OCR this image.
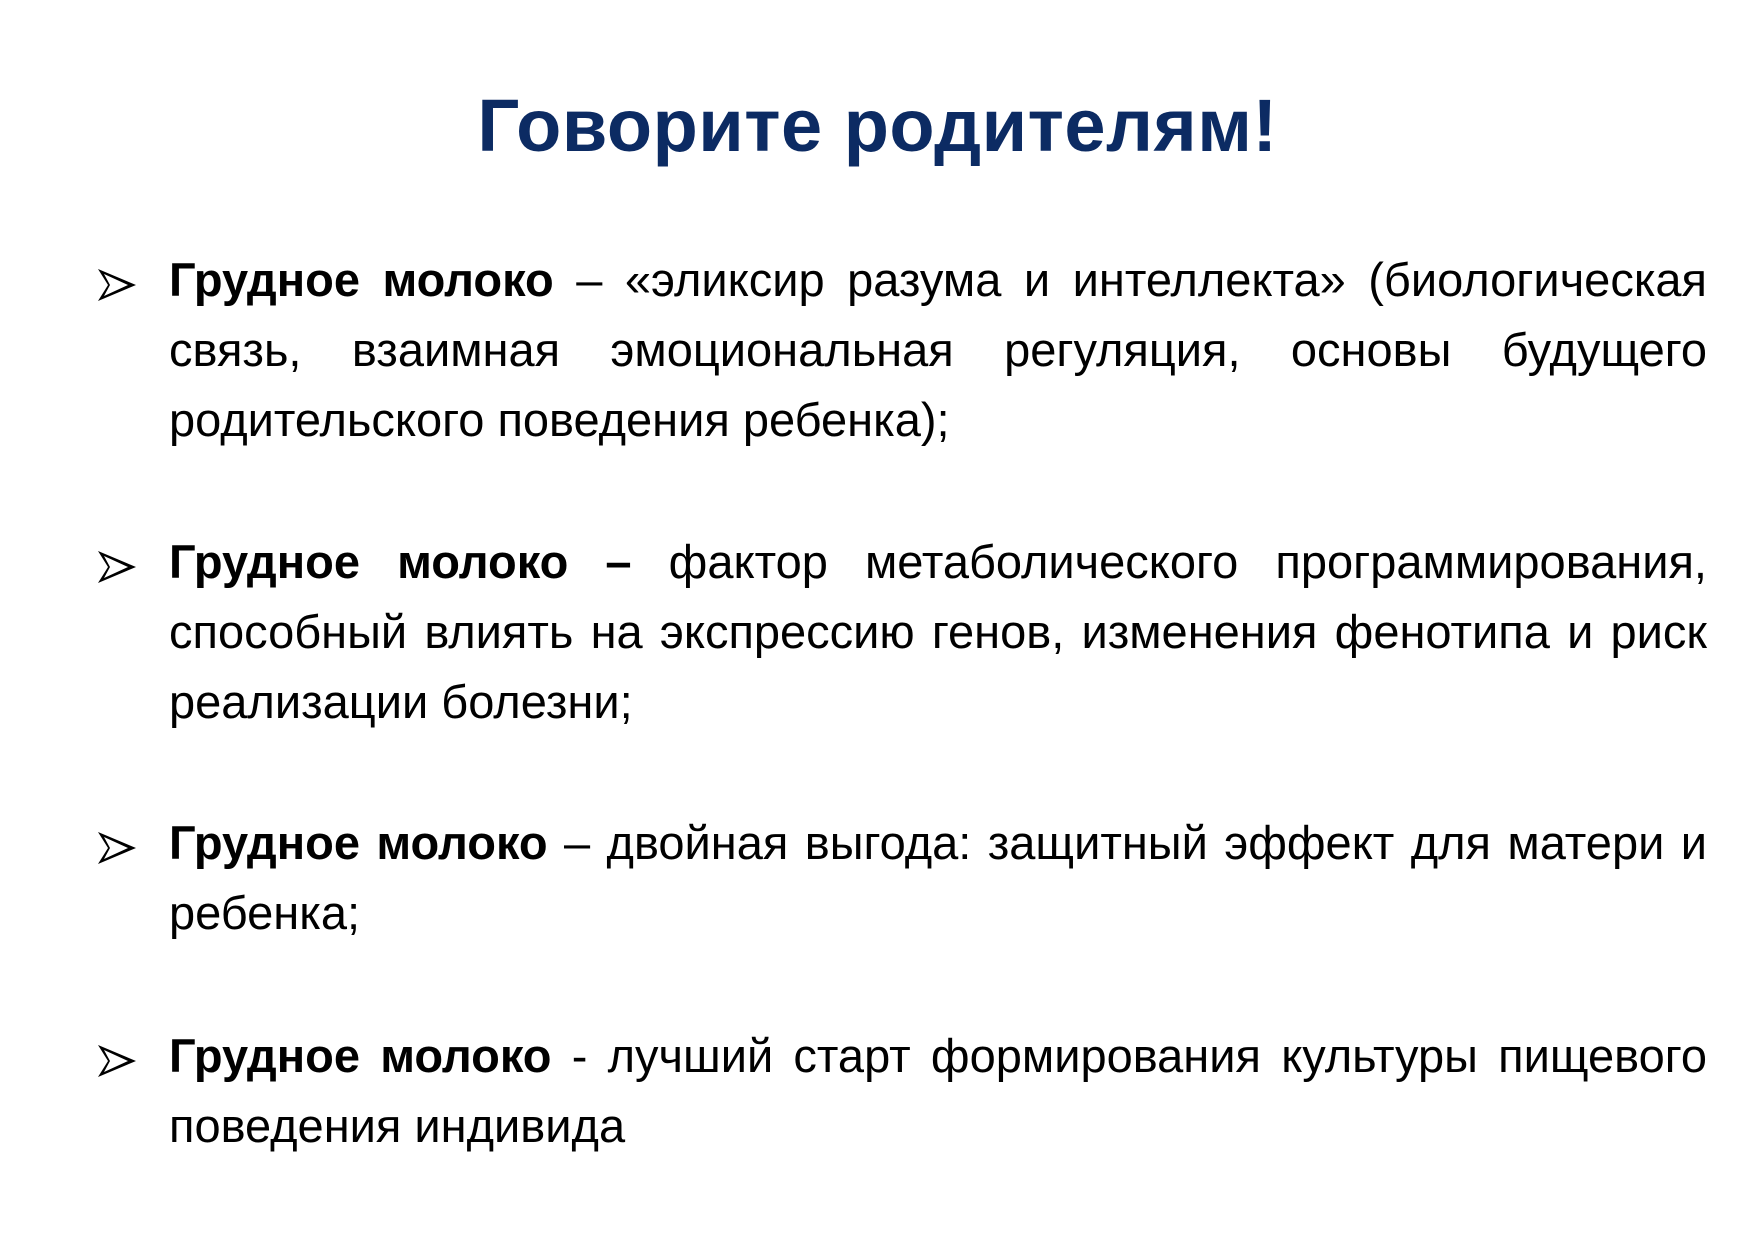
Говорите родителям!
Грудное молоко – «эликсир разума и интеллекта» (биологическая связь, взаимная эмоциональная регуляция, основы будущего родительского поведения ребенка);
Грудное молоко – фактор метаболического программирования, способный влиять на экспрессию генов, изменения фенотипа и риск реализации болезни;
Грудное молоко – двойная выгода: защитный эффект для матери и ребенка;
Грудное молоко - лучший старт формирования культуры пищевого поведения индивида
